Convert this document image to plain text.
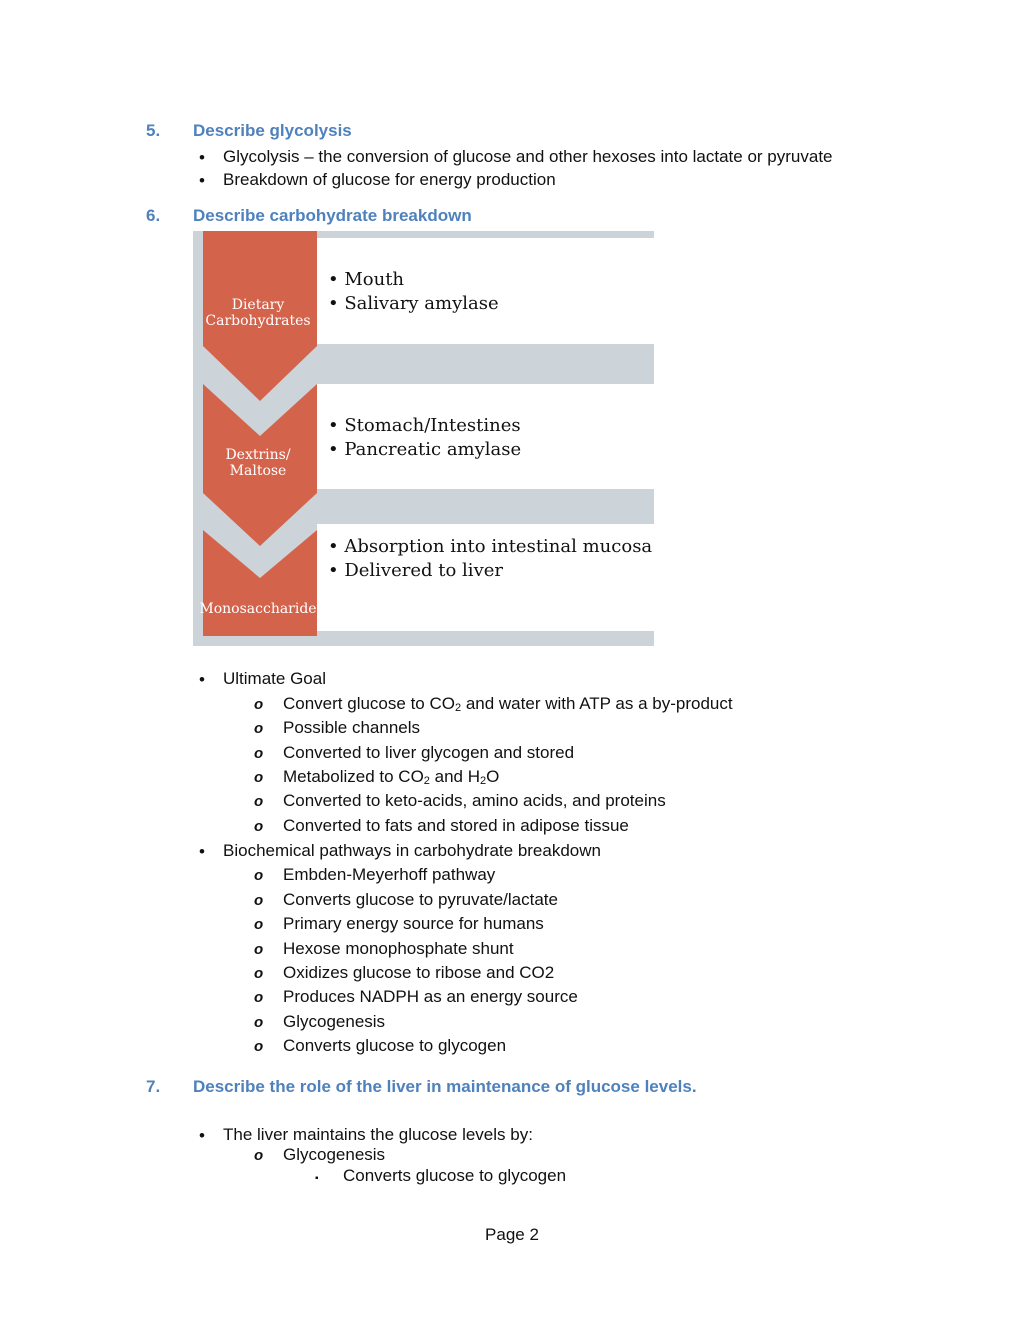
5. Describe glycolysis
• Glycolysis – the conversion of glucose and other hexoses into lactate or pyruvate
• Breakdown of glucose for energy production
6. Describe carbohydrate breakdown
Dietary
Carbohydrates
• Mouth
• Salivary amylase
Dextrins/
Maltose
• Stomach/Intestines
• Pancreatic amylase
Monosaccharide
• Absorption into intestinal mucosa
• Delivered to liver
• Ultimate Goal
o Convert glucose to $CO_2$ and water with ATP as a by-product
o Possible channels
o Converted to liver glycogen and stored
o Metabolized to $CO_2$ and $H_2O$
o Converted to keto-acids, amino acids, and proteins
o Converted to fats and stored in adipose tissue
• Biochemical pathways in carbohydrate breakdown
o Embden-Meyerhoff pathway
o Converts glucose to pyruvate/lactate
o Primary energy source for humans
o Hexose monophosphate shunt
o Oxidizes glucose to ribose and CO2
o Produces NADPH as an energy source
o Glycogenesis
o Converts glucose to glycogen
7. Describe the role of the liver in maintenance of glucose levels.
• The liver maintains the glucose levels by:
o Glycogenesis
▪ Converts glucose to glycogen
Page 2
